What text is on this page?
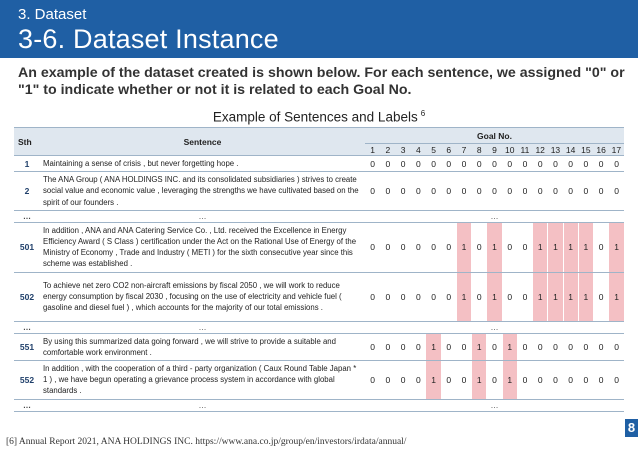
3. Dataset
3-6. Dataset Instance
An example of the dataset created is shown below. For each sentence, we assigned "0" or "1" to indicate whether or not it is related to each Goal No.
Example of Sentences and Labels $^6$
Sth	Sentence	Goal No.																
		1	2	3	4	5	6	7	8	9	10	11	12	13	14	15	16	17
1	Maintaining a sense of crisis , but never forgetting hope .	0	0	0	0	0	0	0	0	0	0	0	0	0	0	0	0	0
2	The ANA Group ( ANA HOLDINGS INC. and its consolidated subsidiaries ) strives to create social value and economic value , leveraging the strengths we have cultivated based on the spirit of our founders .	0	0	0	0	0	0	0	0	0	0	0	0	0	0	0	0	0
…	…	…																
501	In addition , ANA and ANA Catering Service Co. , Ltd. received the Excellence in Energy Efficiency Award ( S Class ) certification under the Act on the Rational Use of Energy of the Ministry of Economy , Trade and Industry ( METI ) for the sixth consecutive year since this scheme was established .	0	0	0	0	0	0	1	0	1	0	0	1	1	1	1	0	1
502	To achieve net zero CO2 non-aircraft emissions by fiscal 2050 , we will work to reduce energy consumption by fiscal 2030 , focusing on the use of electricity and vehicle fuel ( gasoline and diesel fuel ) , which accounts for the majority of our total emissions .	0	0	0	0	0	0	1	0	1	0	0	1	1	1	1	0	1
…	…	…																
551	By using this summarized data going forward , we will strive to provide a suitable and comfortable work environment .	0	0	0	0	1	0	0	1	0	1	0	0	0	0	0	0	0
552	In addition , with the cooperation of a third - party organization ( Caux Round Table Japan * 1 ) , we have begun operating a grievance process system in accordance with global standards .	0	0	0	0	1	0	0	1	0	1	0	0	0	0	0	0	0
…	…	…																
8
[6] Annual Report 2021, ANA HOLDINGS INC. https://www.ana.co.jp/group/en/investors/irdata/annual/
